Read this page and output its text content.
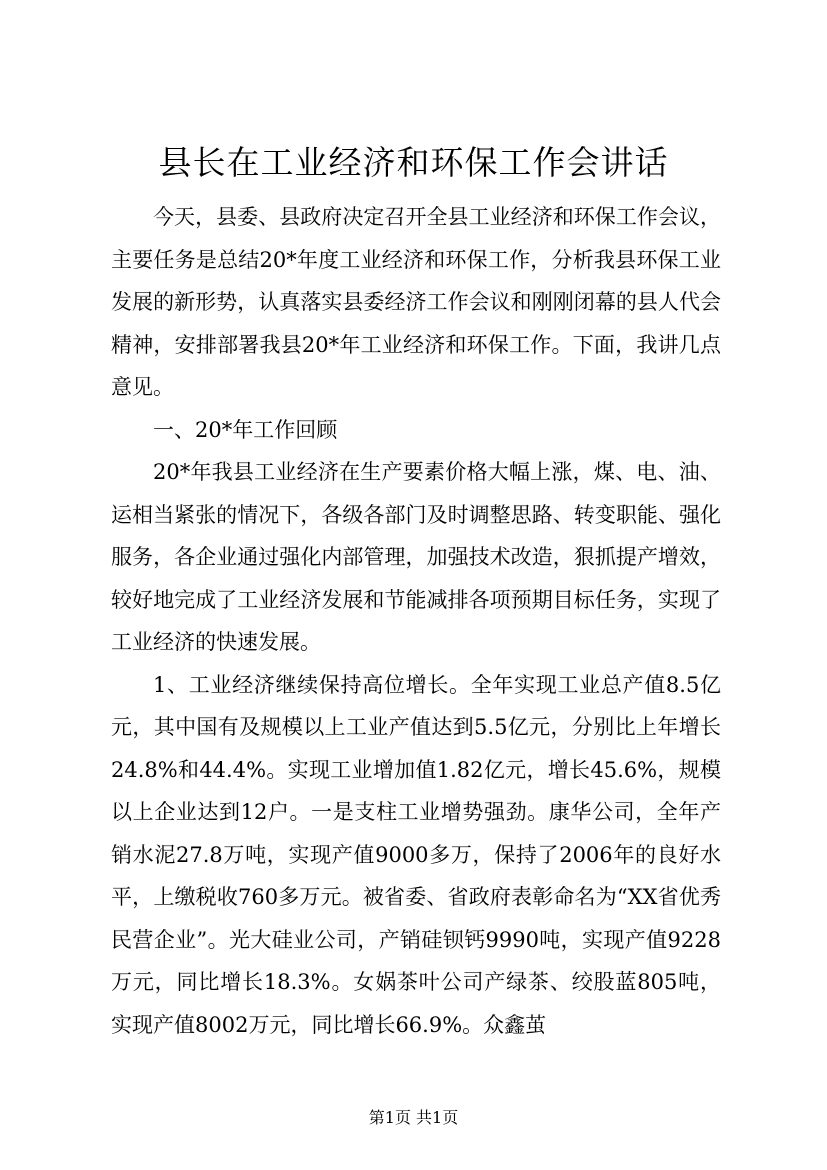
县长在工业经济和环保工作会讲话

今天，县委、县政府决定召开全县工业经济和环保工作会议，主要任务是总结20*年度工业经济和环保工作，分析我县环保工业发展的新形势，认真落实县委经济工作会议和刚刚闭幕的县人代会精神，安排部署我县20*年工业经济和环保工作。下面，我讲几点意见。

一、20*年工作回顾

20*年我县工业经济在生产要素价格大幅上涨，煤、电、油、运相当紧张的情况下，各级各部门及时调整思路、转变职能、强化服务，各企业通过强化内部管理，加强技术改造，狠抓提产增效，较好地完成了工业经济发展和节能减排各项预期目标任务，实现了工业经济的快速发展。

1、工业经济继续保持高位增长。全年实现工业总产值8.5亿元，其中国有及规模以上工业产值达到5.5亿元，分别比上年增长24.8%和44.4%。实现工业增加值1.82亿元，增长45.6%，规模以上企业达到12户。一是支柱工业增势强劲。康华公司，全年产销水泥27.8万吨，实现产值9000多万，保持了2006年的良好水平，上缴税收760多万元。被省委、省政府表彰命名为“XX省优秀民营企业”。光大硅业公司，产销硅钡钙9990吨，实现产值9228万元，同比增长18.3%。女娲茶叶公司产绿茶、绞股蓝805吨，实现产值8002万元，同比增长66.9%。众鑫茧

第1页 共1页
